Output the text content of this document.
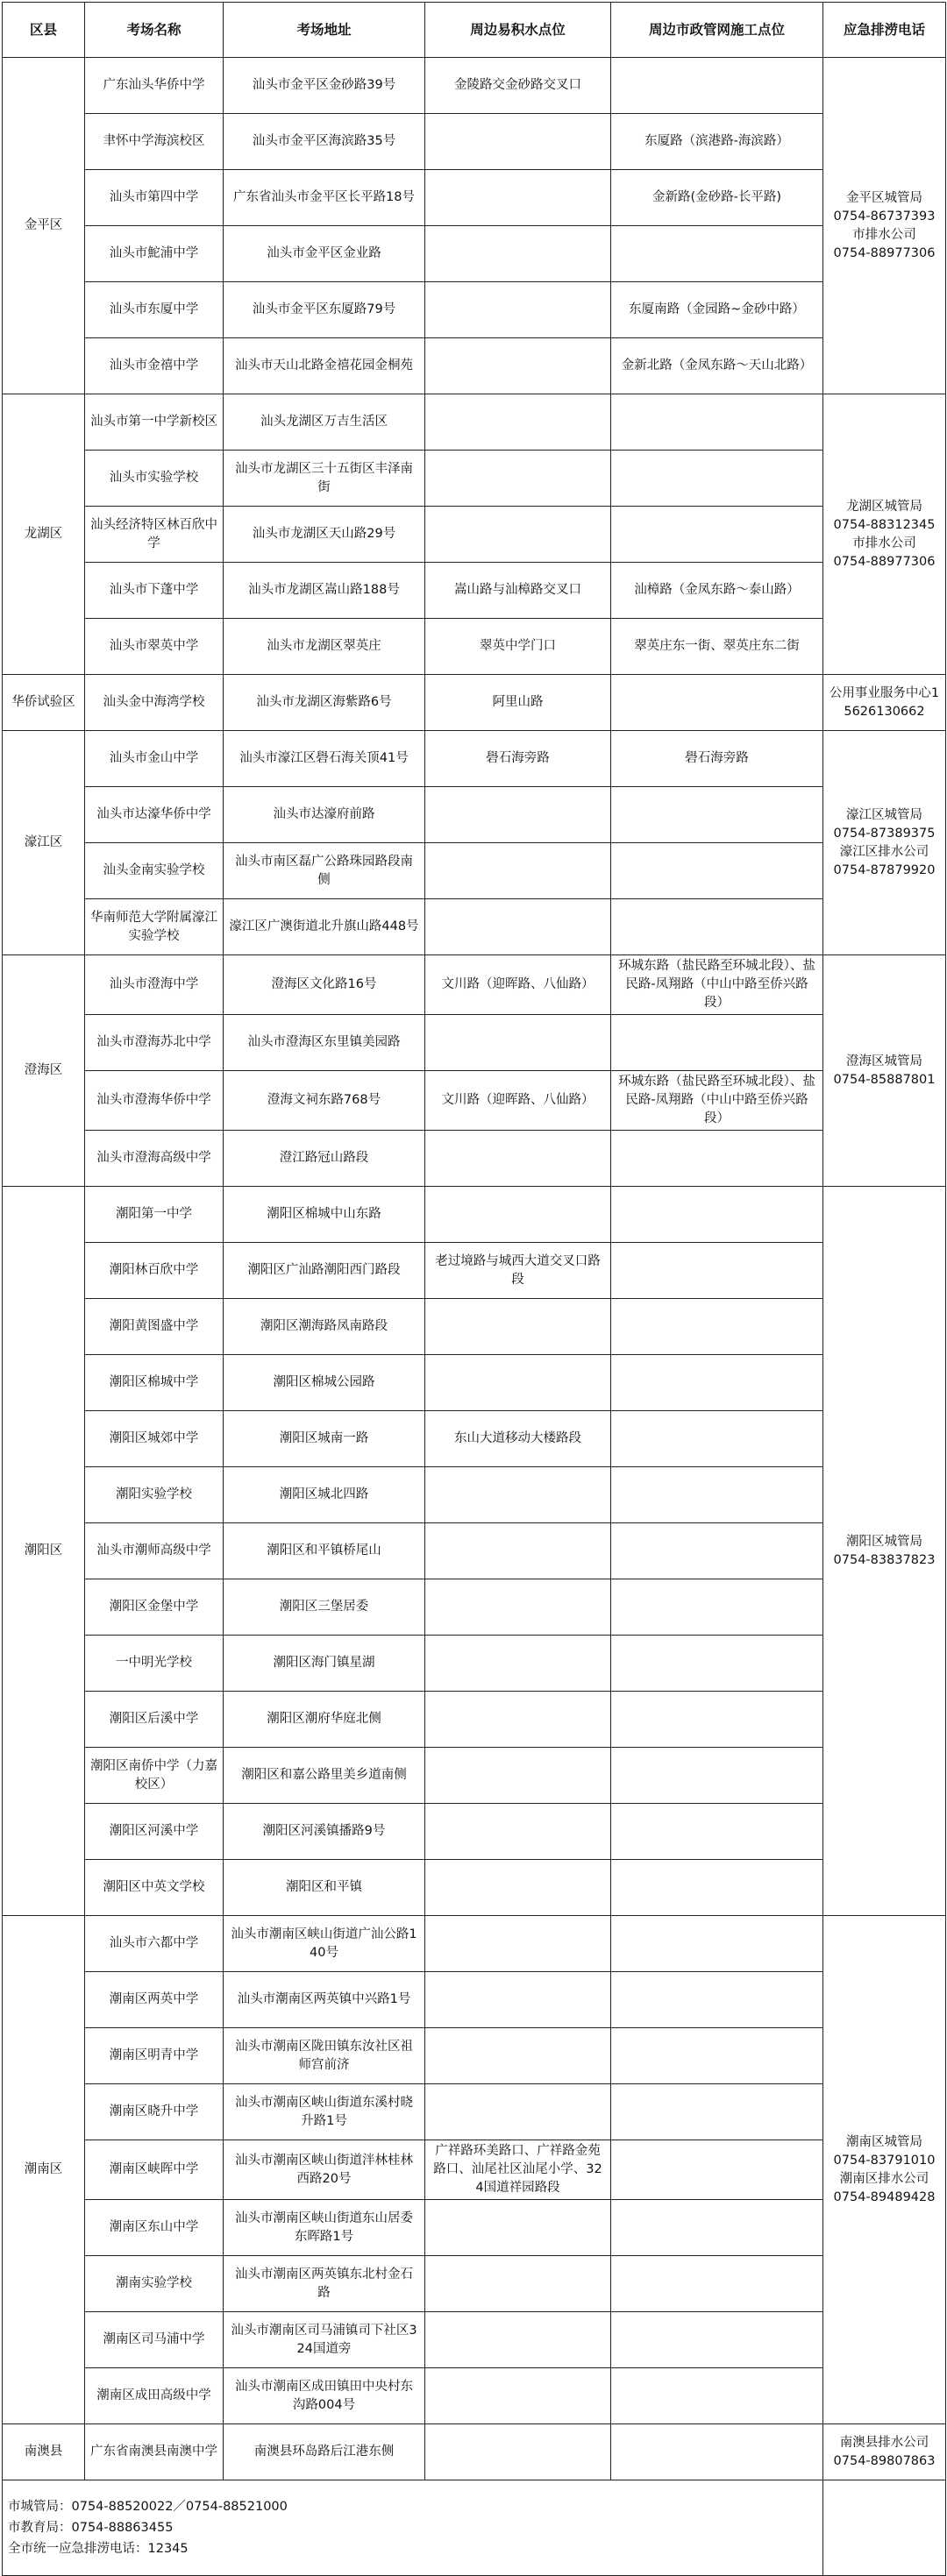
区县	考场名称	考场地址	周边易积水点位	周边市政管网施工点位	应急排涝电话
金平区	广东汕头华侨中学	汕头市金平区金砂路39号	金陵路交金砂路交叉口		金平区城管局
0754-86737393
市排水公司
0754-88977306

	聿怀中学海滨校区	汕头市金平区海滨路35号		东厦路（滨港路-海滨路）	
	汕头市第四中学	广东省汕头市金平区长平路18号		金新路(金砂路-长平路)	
	汕头市鮀浦中学	汕头市金平区金业路			
	汕头市东厦中学	汕头市金平区东厦路79号		东厦南路（金园路~金砂中路）	
	汕头市金禧中学	汕头市天山北路金禧花园金桐苑		金新北路（金凤东路～天山北路）	
龙湖区	汕头市第一中学新校区	汕头龙湖区万吉生活区			龙湖区城管局
0754-88312345
市排水公司
0754-88977306

	汕头市实验学校	汕头市龙湖区三十五街区丰泽南街			
	汕头经济特区林百欣中学	汕头市龙湖区天山路29号			
	汕头市下蓬中学	汕头市龙湖区嵩山路188号	嵩山路与汕樟路交叉口	汕樟路（金凤东路～泰山路）	
	汕头市翠英中学	汕头市龙湖区翠英庄	翠英中学门口	翠英庄东一街、翠英庄东二街	
华侨试验区	汕头金中海湾学校	汕头市龙湖区海紫路6号	阿里山路		公用事业服务中心15626130662

濠江区	汕头市金山中学	汕头市濠江区礐石海关顶41号	礐石海旁路	礐石海旁路	濠江区城管局
0754-87389375
濠江区排水公司
0754-87879920

	汕头市达濠华侨中学	汕头市达濠府前路			
	汕头金南实验学校	汕头市南区磊广公路珠园路段南侧			
	华南师范大学附属濠江实验学校	濠江区广澳街道北升旗山路448号			
澄海区	汕头市澄海中学	澄海区文化路16号	文川路（迎晖路、八仙路）	环城东路（盐民路至环城北段）、盐民路-凤翔路（中山中路至侨兴路段）	澄海区城管局
0754-85887801

	汕头市澄海苏北中学	汕头市澄海区东里镇美园路			
	汕头市澄海华侨中学	澄海文祠东路768号	文川路（迎晖路、八仙路）	环城东路（盐民路至环城北段）、盐民路-凤翔路（中山中路至侨兴路段）	
	汕头市澄海高级中学	澄江路冠山路段			
潮阳区	潮阳第一中学	潮阳区棉城中山东路			潮阳区城管局
0754-83837823

	潮阳林百欣中学	潮阳区广汕路潮阳西门路段	老过境路与城西大道交叉口路段		
	潮阳黄图盛中学	潮阳区潮海路凤南路段			
	潮阳区棉城中学	潮阳区棉城公园路			
	潮阳区城郊中学	潮阳区城南一路	东山大道移动大楼路段		
	潮阳实验学校	潮阳区城北四路			
	汕头市潮师高级中学	潮阳区和平镇桥尾山			
	潮阳区金堡中学	潮阳区三堡居委			
	一中明光学校	潮阳区海门镇星湖			
	潮阳区后溪中学	潮阳区潮府华庭北侧			
	潮阳区南侨中学（力嘉校区）	潮阳区和嘉公路里美乡道南侧			
	潮阳区河溪中学	潮阳区河溪镇播路9号			
	潮阳区中英文学校	潮阳区和平镇			
潮南区	汕头市六都中学	汕头市潮南区峡山街道广汕公路140号			潮南区城管局
0754-83791010
潮南区排水公司
0754-89489428

	潮南区两英中学	汕头市潮南区两英镇中兴路1号			
	潮南区明青中学	汕头市潮南区陇田镇东汝社区祖师宫前济			
	潮南区晓升中学	汕头市潮南区峡山街道东溪村晓升路1号			
	潮南区峡晖中学	汕头市潮南区峡山街道泮林桂林西路20号	广祥路环美路口、广祥路金苑路口、汕尾社区汕尾小学、324国道祥园路段		
	潮南区东山中学	汕头市潮南区峡山街道东山居委东晖路1号			
	潮南实验学校	汕头市潮南区两英镇东北村金石路			
	潮南区司马浦中学	汕头市潮南区司马浦镇司下社区324国道旁			
	潮南区成田高级中学	汕头市潮南区成田镇田中央村东沟路004号			
南澳县	广东省南澳县南澳中学	南澳县环岛路后江港东侧			南澳县排水公司
0754-89807863

市城管局：0754-88520022／0754-88521000
市教育局：0754-88863455
全市统一应急排涝电话：12345					
